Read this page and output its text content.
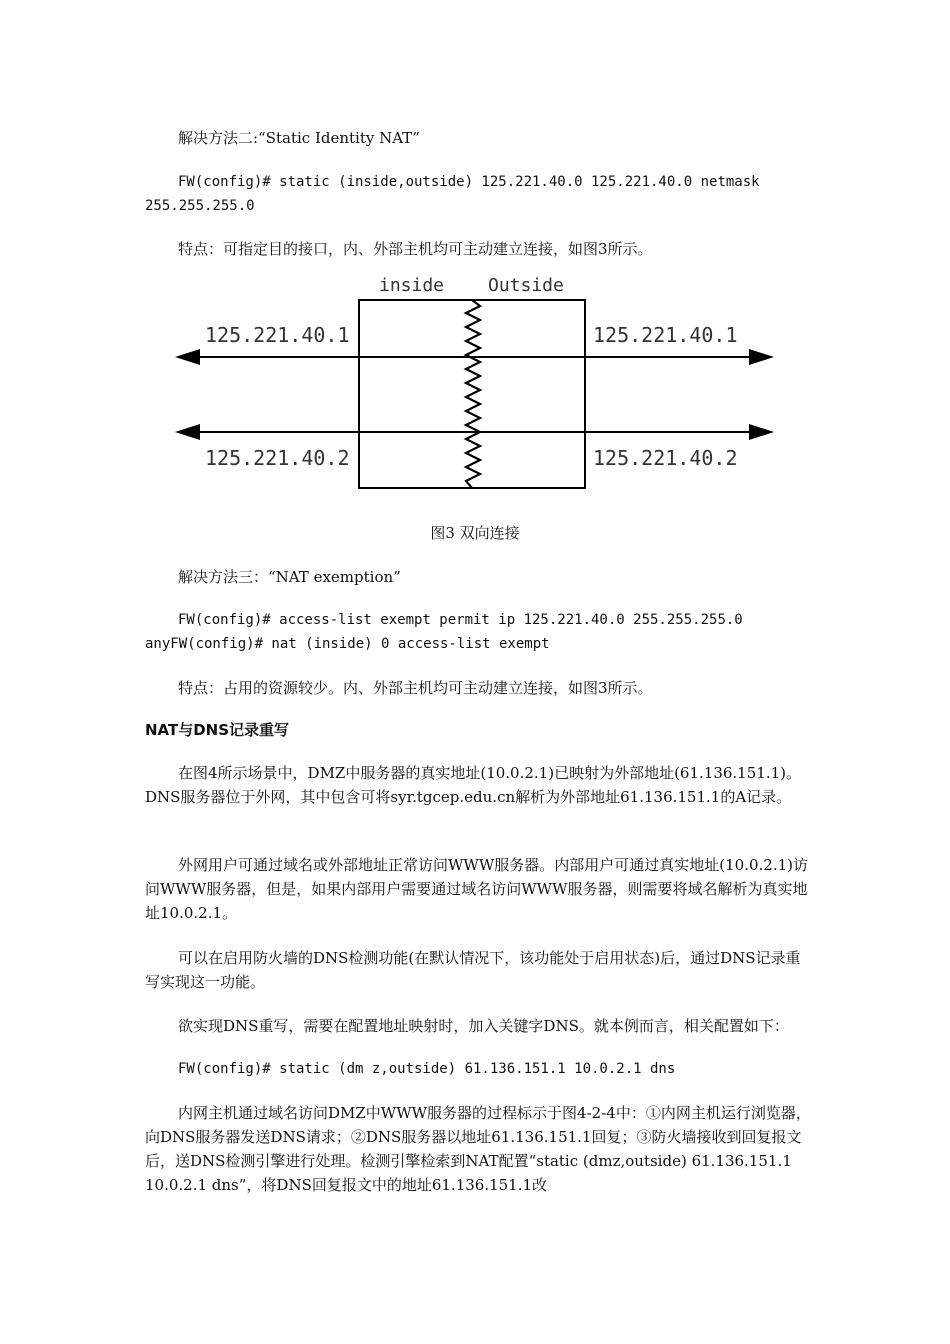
解决方法二:“Static Identity NAT”

FW(config)# static (inside,outside) 125.221.40.0 125.221.40.0 netmask 255.255.255.0

特点：可指定目的接口，内、外部主机均可主动建立连接，如图3所示。

inside Outside
125.221.40.1	125.221.40.1
125.221.40.2	125.221.40.2

图3 双向连接

解决方法三：“NAT exemption”

FW(config)# access-list exempt permit ip 125.221.40.0 255.255.255.0 anyFW(config)# nat (inside) 0 access-list exempt

特点：占用的资源较少。内、外部主机均可主动建立连接，如图3所示。

NAT与DNS记录重写

在图4所示场景中，DMZ中服务器的真实地址(10.0.2.1)已映射为外部地址(61.136.151.1)。DNS服务器位于外网，其中包含可将syr.tgcep.edu.cn解析为外部地址61.136.151.1的A记录。

外网用户可通过域名或外部地址正常访问WWW服务器。内部用户可通过真实地址(10.0.2.1)访问WWW服务器，但是，如果内部用户需要通过域名访问WWW服务器，则需要将域名解析为真实地址10.0.2.1。

可以在启用防火墙的DNS检测功能(在默认情况下，该功能处于启用状态)后，通过DNS记录重写实现这一功能。

欲实现DNS重写，需要在配置地址映射时，加入关键字DNS。就本例而言，相关配置如下：

FW(config)# static (dm z,outside) 61.136.151.1 10.0.2.1 dns

内网主机通过域名访问DMZ中WWW服务器的过程标示于图4-2-4中：①内网主机运行浏览器，向DNS服务器发送DNS请求；②DNS服务器以地址61.136.151.1回复；③防火墙接收到回复报文后，送DNS检测引擎进行处理。检测引擎检索到NAT配置“static (dmz,outside) 61.136.151.1 10.0.2.1 dns”，将DNS回复报文中的地址61.136.151.1改
